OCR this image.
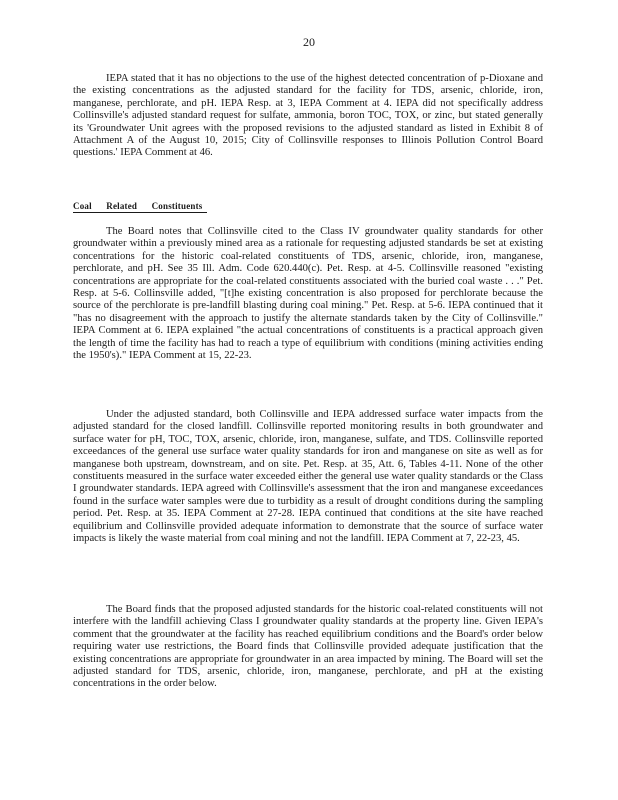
20

IEPA stated that it has no objections to the use of the highest detected concentration of p-Dioxane and the existing concentrations as the adjusted standard for the facility for TDS, arsenic, chloride, iron, manganese, perchlorate, and pH. IEPA Resp. at 3, IEPA Comment at 4. IEPA did not specifically address Collinsville's adjusted standard request for sulfate, ammonia, boron TOC, TOX, or zinc, but stated generally its 'Groundwater Unit agrees with the proposed revisions to the adjusted standard as listed in Exhibit 8 of Attachment A of the August 10, 2015; City of Collinsville responses to Illinois Pollution Control Board questions.' IEPA Comment at 46.

Coal Related Constituents

The Board notes that Collinsville cited to the Class IV groundwater quality standards for other groundwater within a previously mined area as a rationale for requesting adjusted standards be set at existing concentrations for the historic coal-related constituents of TDS, arsenic, chloride, iron, manganese, perchlorate, and pH. See 35 Ill. Adm. Code 620.440(c). Pet. Resp. at 4-5. Collinsville reasoned "existing concentrations are appropriate for the coal-related constituents associated with the buried coal waste . . ." Pet. Resp. at 5-6. Collinsville added, "[t]he existing concentration is also proposed for perchlorate because the source of the perchlorate is pre-landfill blasting during coal mining." Pet. Resp. at 5-6. IEPA continued that it "has no disagreement with the approach to justify the alternate standards taken by the City of Collinsville." IEPA Comment at 6. IEPA explained "the actual concentrations of constituents is a practical approach given the length of time the facility has had to reach a type of equilibrium with conditions (mining activities ending the 1950's)." IEPA Comment at 15, 22-23.

Under the adjusted standard, both Collinsville and IEPA addressed surface water impacts from the adjusted standard for the closed landfill. Collinsville reported monitoring results in both groundwater and surface water for pH, TOC, TOX, arsenic, chloride, iron, manganese, sulfate, and TDS. Collinsville reported exceedances of the general use surface water quality standards for iron and manganese on site as well as for manganese both upstream, downstream, and on site. Pet. Resp. at 35, Att. 6, Tables 4-11. None of the other constituents measured in the surface water exceeded either the general use water quality standards or the Class I groundwater standards. IEPA agreed with Collinsville's assessment that the iron and manganese exceedances found in the surface water samples were due to turbidity as a result of drought conditions during the sampling period. Pet. Resp. at 35. IEPA Comment at 27-28. IEPA continued that conditions at the site have reached equilibrium and Collinsville provided adequate information to demonstrate that the source of surface water impacts is likely the waste material from coal mining and not the landfill. IEPA Comment at 7, 22-23, 45.

The Board finds that the proposed adjusted standards for the historic coal-related constituents will not interfere with the landfill achieving Class I groundwater quality standards at the property line. Given IEPA's comment that the groundwater at the facility has reached equilibrium conditions and the Board's order below requiring water use restrictions, the Board finds that Collinsville provided adequate justification that the existing concentrations are appropriate for groundwater in an area impacted by mining. The Board will set the adjusted standard for TDS, arsenic, chloride, iron, manganese, perchlorate, and pH at the existing concentrations in the order below.
